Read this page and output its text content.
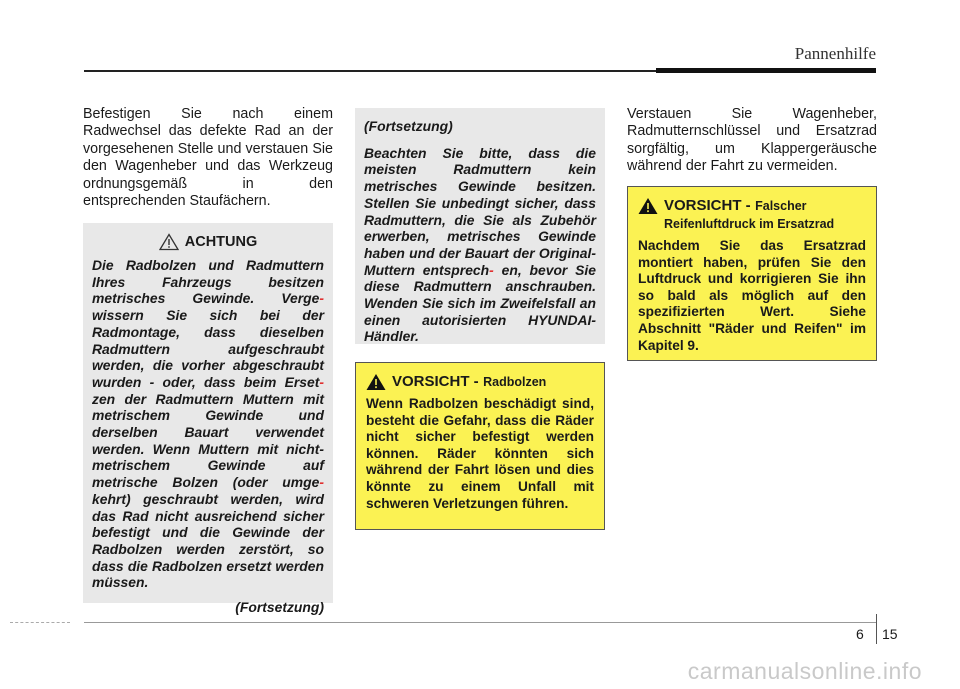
Pannenhilfe

Befestigen Sie nach einem Radwechsel das defekte Rad an der vorgesehenen Stelle und verstauen Sie den Wagenheber und das Werkzeug ordnungsgemäß in den entsprechenden Staufächern.

ACHTUNG

Die Radbolzen und Radmuttern Ihres Fahrzeugs besitzen metrisches Gewinde. Verge- wissern Sie sich bei der Radmontage, dass dieselben Radmuttern aufgeschraubt werden, die vorher abgeschraubt wurden - oder, dass beim Erset- zen der Radmuttern Muttern mit metrischem Gewinde und derselben Bauart verwendet werden. Wenn Muttern mit nicht-metrischem Gewinde auf metrische Bolzen (oder umge- kehrt) geschraubt werden, wird das Rad nicht ausreichend sicher befestigt und die Gewinde der Radbolzen werden zerstört, so dass die Radbolzen ersetzt werden müssen.

(Fortsetzung)

(Fortsetzung)

Beachten Sie bitte, dass die meisten Radmuttern kein metrisches Gewinde besitzen. Stellen Sie unbedingt sicher, dass Radmuttern, die Sie als Zubehör erwerben, metrisches Gewinde haben und der Bauart der Original-Muttern entsprech- en, bevor Sie diese Radmuttern anschrauben. Wenden Sie sich im Zweifelsfall an einen autorisierten HYUNDAI-Händler.

VORSICHT - Radbolzen

Wenn Radbolzen beschädigt sind, besteht die Gefahr, dass die Räder nicht sicher befestigt werden können. Räder könnten sich während der Fahrt lösen und dies könnte zu einem Unfall mit schweren Verletzungen führen.

Verstauen Sie Wagenheber, Radmutternschlüssel und Ersatzrad sorgfältig, um Klappergeräusche während der Fahrt zu vermeiden.

VORSICHT - Falscher
Reifenluftdruck im Ersatzrad

Nachdem Sie das Ersatzrad montiert haben, prüfen Sie den Luftdruck und korrigieren Sie ihn so bald als möglich auf den spezifizierten Wert. Siehe Abschnitt "Räder und Reifen" im Kapitel 9.

6 15
carmanualsonline.info
